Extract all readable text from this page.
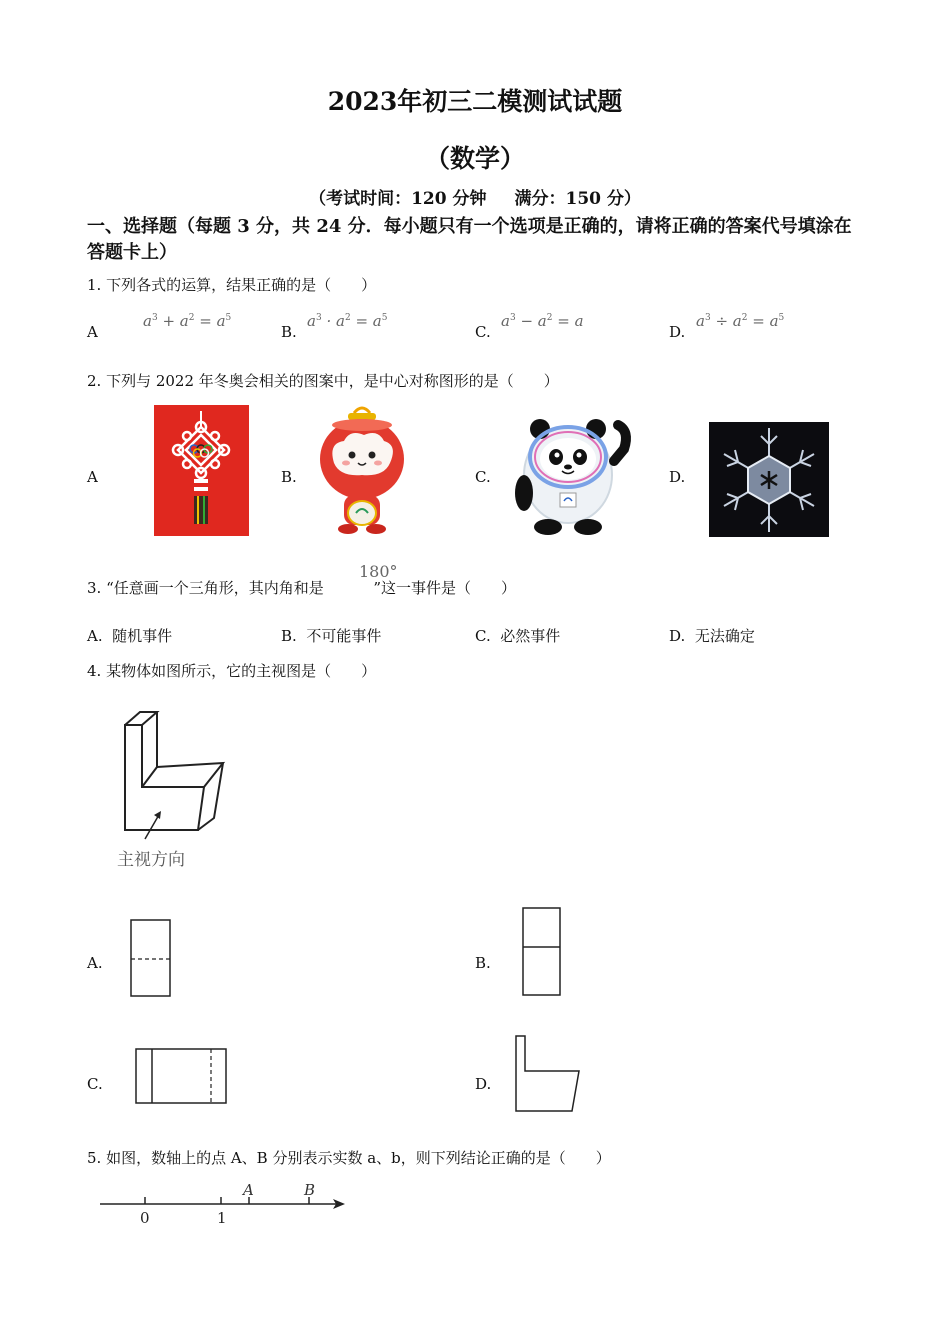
2023年初三二模测试试题
（数学）
（考试时间：120 分钟 满分：150 分）
一、选择题（每题 3 分，共 24 分．每小题只有一个选项是正确的，请将正确的答案代号填涂在答题卡上）
1. 下列各式的运算，结果正确的是（　　）
A
$a^3 + a^2 = a^5$
B.
$a^3 \cdot a^2 = a^5$
C.
$a^3 - a^2 = a$
D.
$a^3 \div a^2 = a^5$
2. 下列与 2022 年冬奥会相关的图案中，是中心对称图形的是（　　）
A	B.	C.	D.
3. “任意画一个三角形，其内角和是	”这一事件是（　　）
180°
A. 随机事件	B. 不可能事件	C. 必然事件	D. 无法确定
4. 某物体如图所示，它的主视图是（　　）
主视方向
A.	B.
C.	D.
5. 如图，数轴上的点 A、B 分别表示实数 a、b，则下列结论正确的是（　　）
0	1
A	B
